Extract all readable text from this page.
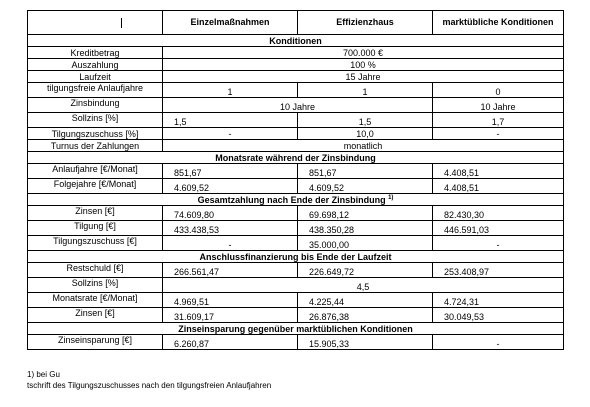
	Einzelmaßnahmen	Effizienzhaus	marktübliche Konditionen
Konditionen			
Kreditbetrag	700.000 €		
Auszahlung	100 %		
Laufzeit	15 Jahre		
tilgungsfreie Anlaufjahre	1	1	0
Zinsbindung	10 Jahre		10 Jahre
Sollzins [%]	1,5	1,5	1,7
Tilgungszuschuss [%]	-	10,0	-
Turnus der Zahlungen	monatlich		
Monatsrate während der Zinsbindung			
Anlaufjahre [€/Monat]	851,67	851,67	4.408,51
Folgejahre [€/Monat]	4.609,52	4.609,52	4.408,51
Gesamtzahlung nach Ende der Zinsbindung $^{1)}$
Zinsen [€]	74.609,80	69.698,12	82.430,30
Tilgung [€]	433.438,53	438.350,28	446.591,03
Tilgungszuschuss [€]	-	35.000,00	-
Anschlussfinanzierung bis Ende der Laufzeit			
Restschuld [€]	266.561,47	226.649,72	253.408,97
Sollzins [%]	4,5		
Monatsrate [€/Monat]	4.969,51	4.225,44	4.724,31
Zinsen [€]	31.609,17	26.876,38	30.049,53
Zinseinsparung gegenüber marktüblichen Konditionen			
Zinseinsparung [€]	6.260,87	15.905,33	-
1) bei Gu
tschrift des Tilgungszuschusses nach den tilgungsfreien Anlaufjahren
